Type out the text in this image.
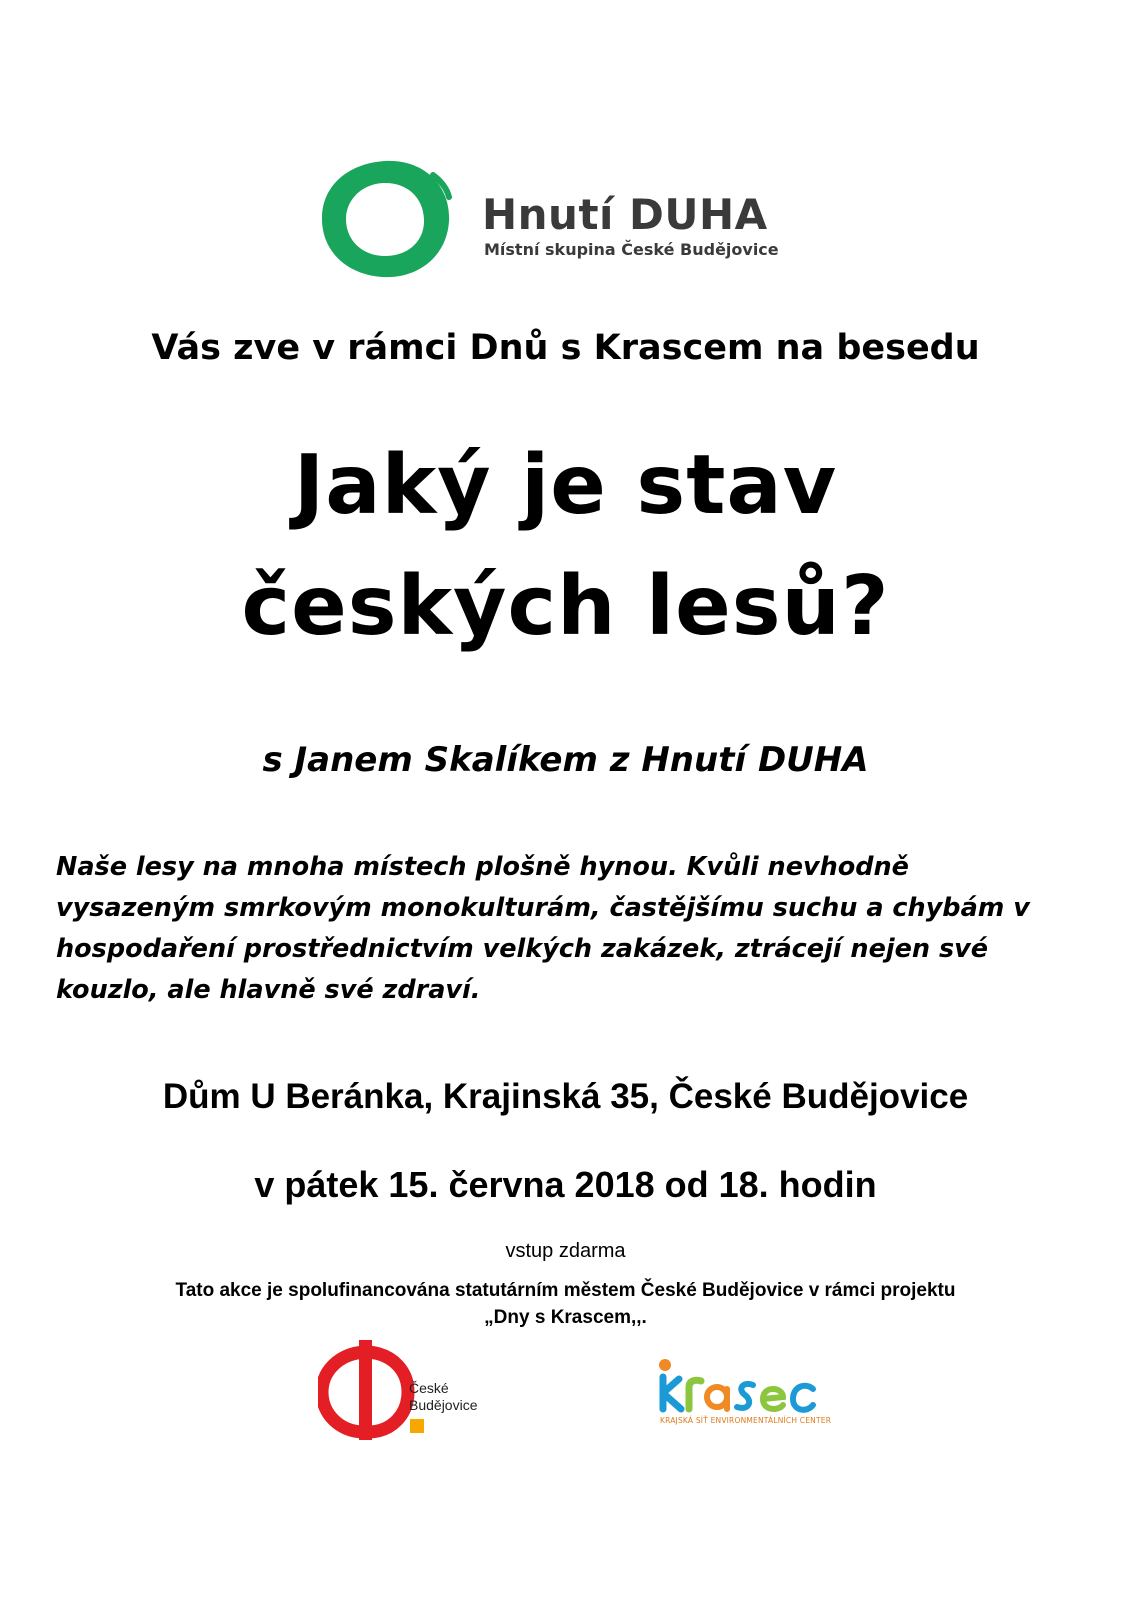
Hnutí DUHA
Místní skupina České Budějovice
Vás zve v rámci Dnů s Krascem na besedu
Jaký je stav
českých lesů?
s Janem Skalíkem z Hnutí DUHA

Naše lesy na mnoha místech plošně hynou. Kvůli nevhodně
vysazeným smrkovým monokulturám, častějšímu suchu a chybám v
hospodaření prostřednictvím velkých zakázek, ztrácejí nejen své
kouzlo, ale hlavně své zdraví.

Dům U Beránka, Krajinská 35, České Budějovice
v pátek 15. června 2018 od 18. hodin
vstup zdarma
Tato akce je spolufinancována statutárním městem České Budějovice v rámci projektu
„Dny s Krascem,,.
České
Budějovice
KRAJSKÁ SÍŤ ENVIRONMENTÁLNÍCH CENTER
